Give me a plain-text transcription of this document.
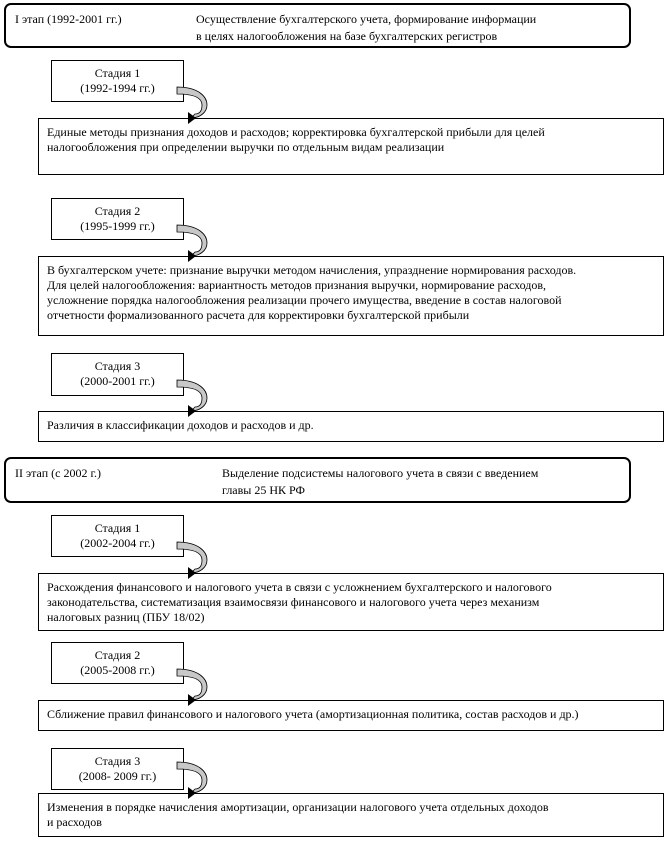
I этап (1992-2001 гг.)	Осуществление бухгалтерского учета, формирование информации
в целях налогообложения на базе бухгалтерских регистров
Стадия 1
(1992-1994 гг.)
Единые методы признания доходов и расходов; корректировка бухгалтерской прибыли для целей
налогообложения при определении выручки по отдельным видам реализации
Стадия 2
(1995-1999 гг.)
В бухгалтерском учете: признание выручки методом начисления, упразднение нормирования расходов.
Для целей налогообложения: вариантность методов признания выручки, нормирование расходов,
усложнение порядка налогообложения реализации прочего имущества, введение в состав налоговой
отчетности формализованного расчета для корректировки бухгалтерской прибыли
Стадия 3
(2000-2001 гг.)
Различия в классификации доходов и расходов и др.
II этап (с 2002 г.)	Выделение подсистемы налогового учета в связи с введением
главы 25 НК РФ
Стадия 1
(2002-2004 гг.)
Расхождения финансового и налогового учета в связи с усложнением бухгалтерского и налогового
законодательства, систематизация взаимосвязи финансового и налогового учета через механизм
налоговых разниц (ПБУ 18/02)
Стадия 2
(2005-2008 гг.)
Сближение правил финансового и налогового учета (амортизационная политика, состав расходов и др.)
Стадия 3
(2008- 2009 гг.)
Изменения в порядке начисления амортизации, организации налогового учета отдельных доходов
и расходов
